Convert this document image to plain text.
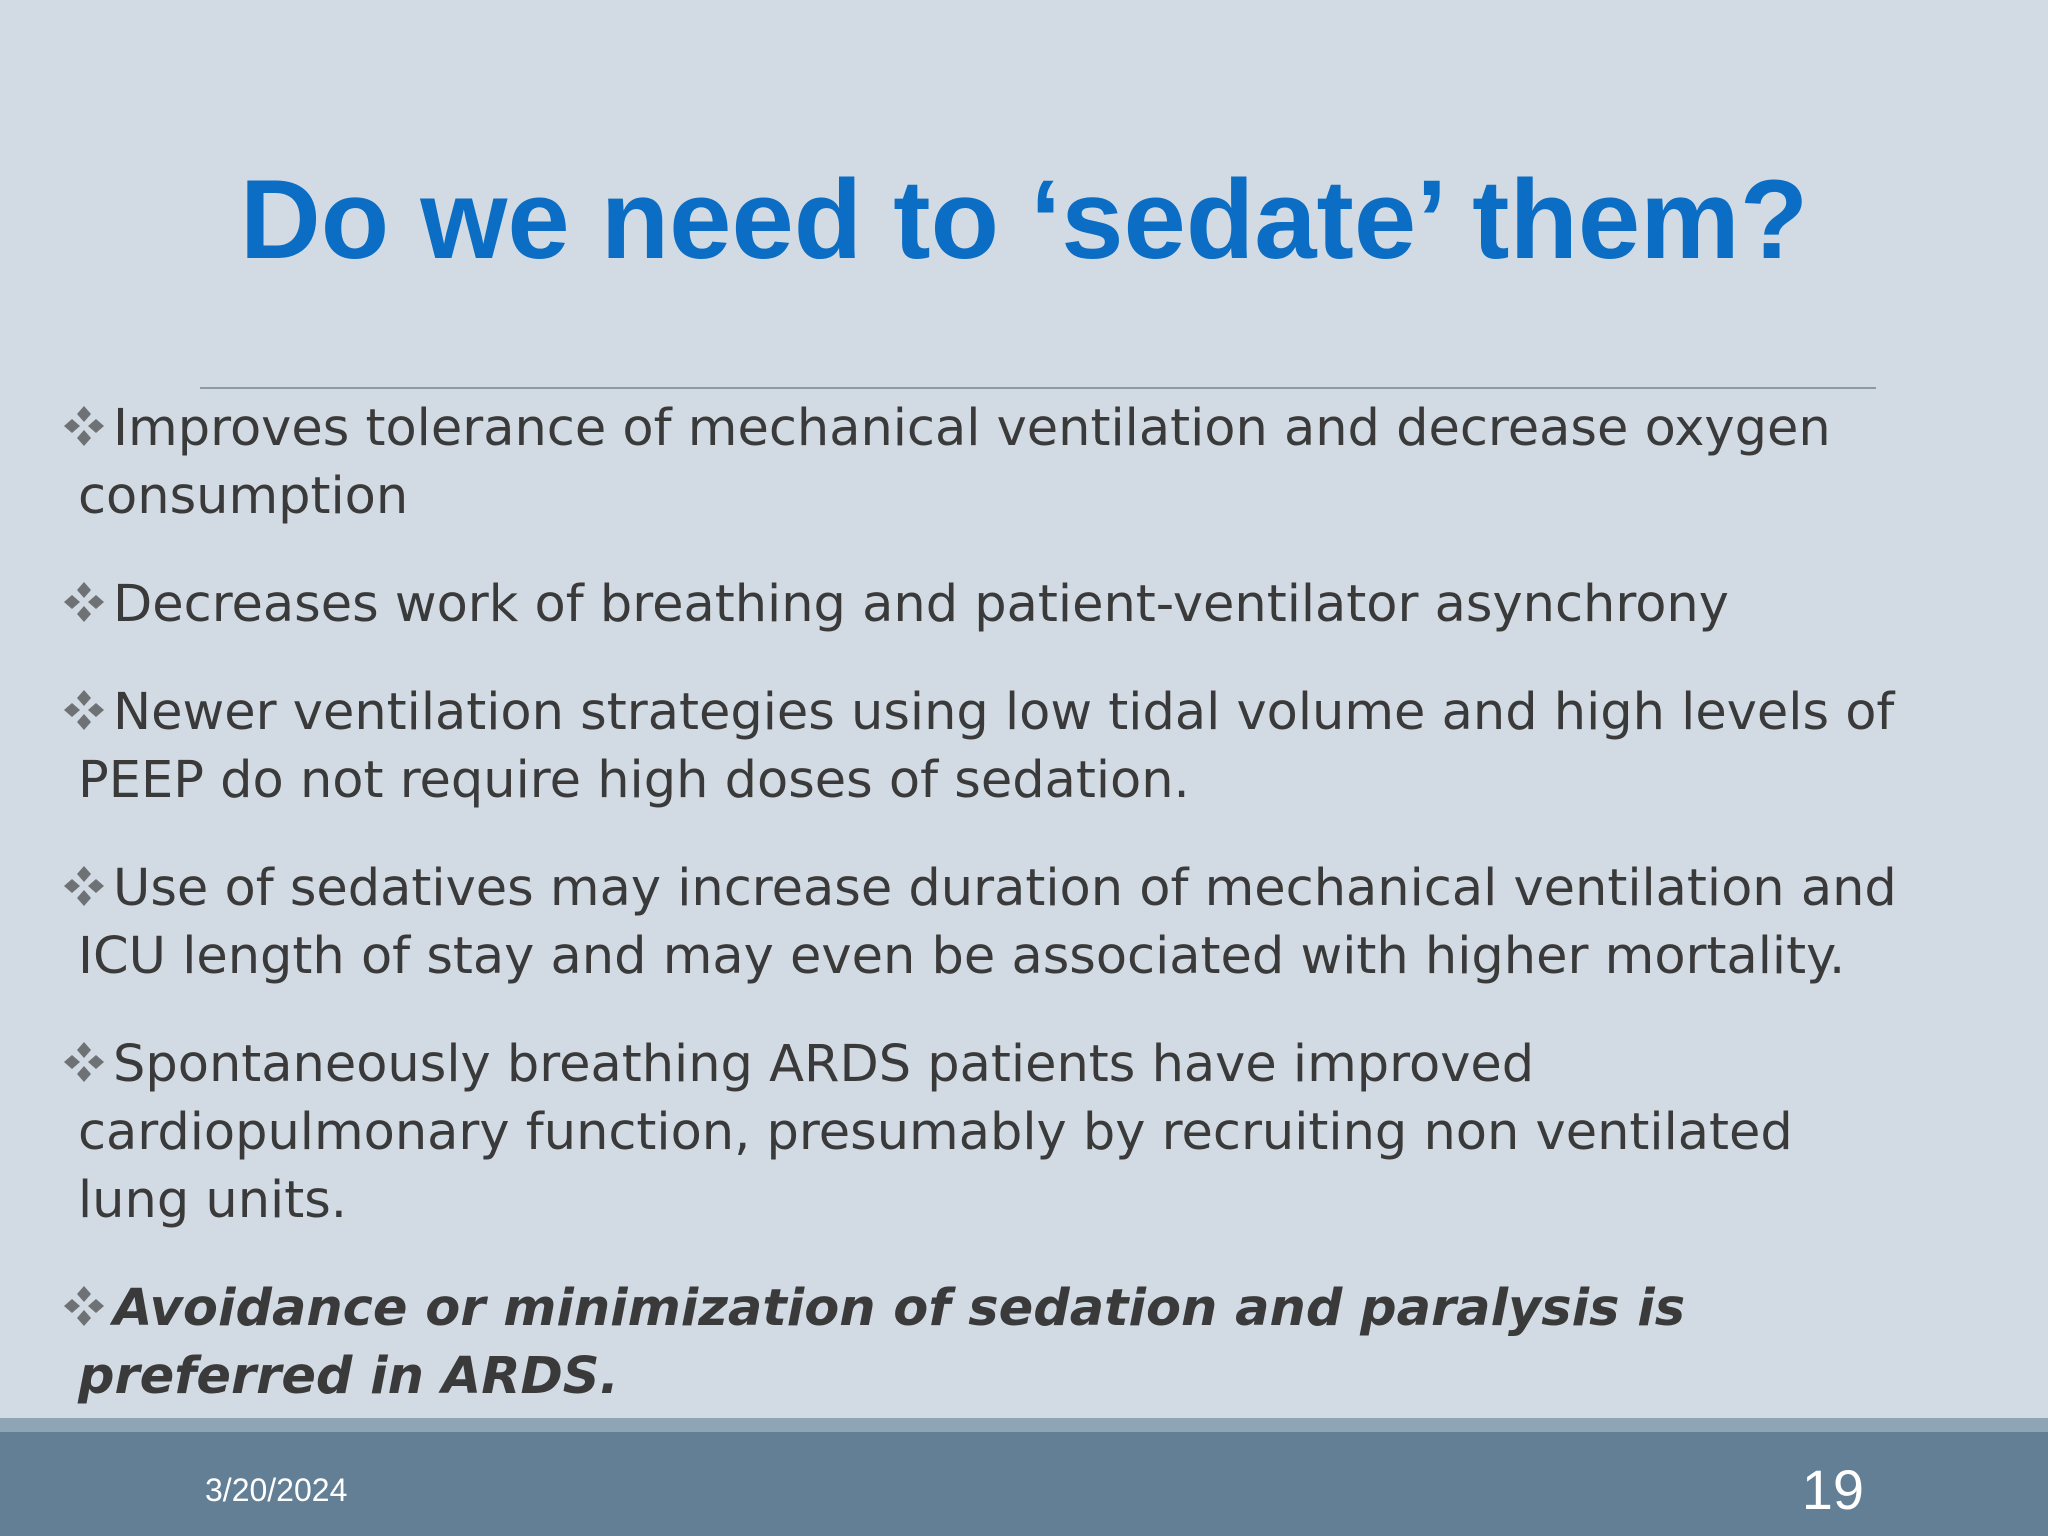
Do we need to ‘sedate’ them?
Improves tolerance of mechanical ventilation and decrease oxygen consumption
Decreases work of breathing and patient-ventilator asynchrony
Newer ventilation strategies using low tidal volume and high levels of PEEP do not require high doses of sedation.
Use of sedatives may increase duration of mechanical ventilation and ICU length of stay and may even be associated with higher mortality.
Spontaneously breathing ARDS patients have improved cardiopulmonary function, presumably by recruiting non ventilated lung units.
Avoidance or minimization of sedation and paralysis is preferred in ARDS.
3/20/2024	19
